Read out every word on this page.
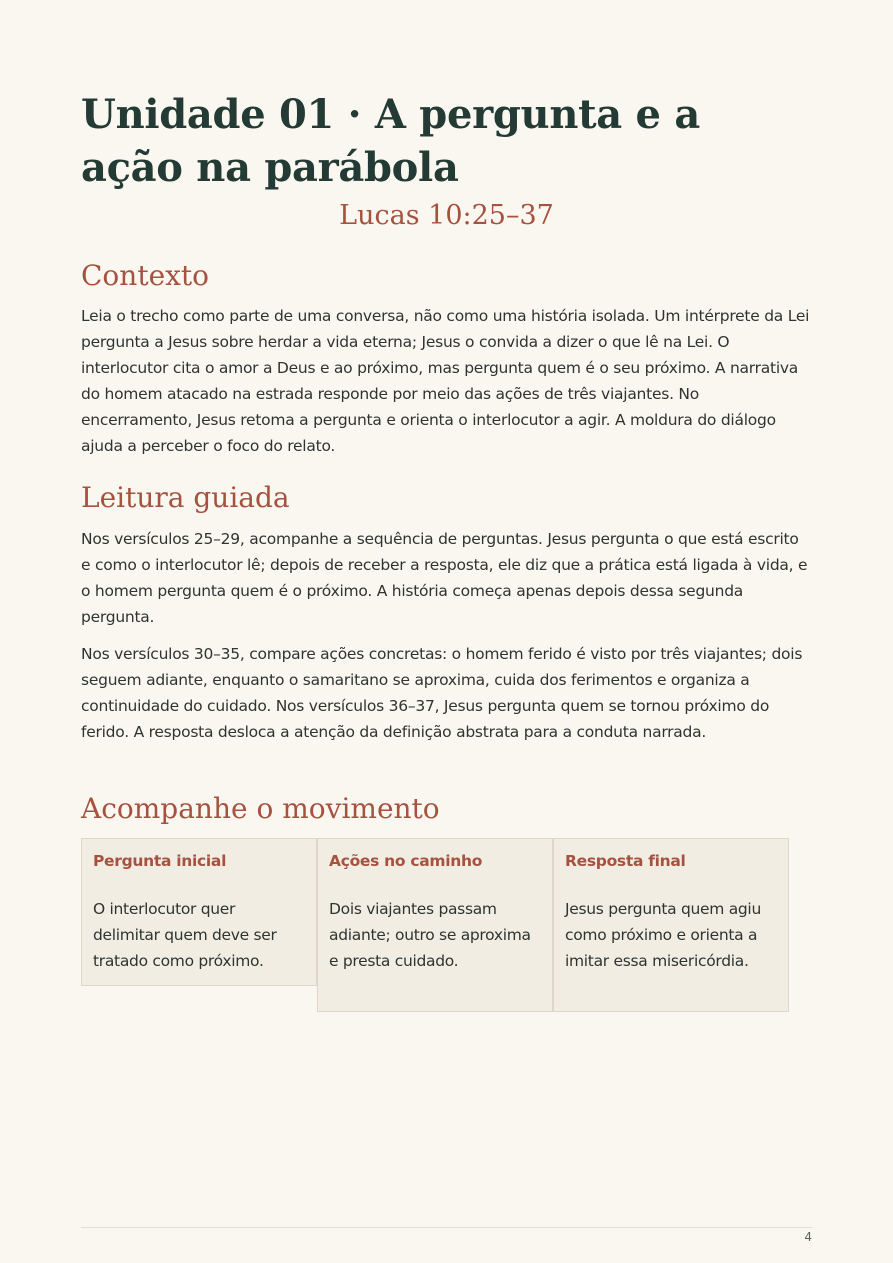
Unidade 01 · A pergunta e a ação na parábola
Lucas 10:25–37
Contexto

Leia o trecho como parte de uma conversa, não como uma história isolada. Um intérprete da Lei pergunta a Jesus sobre herdar a vida eterna; Jesus o convida a dizer o que lê na Lei. O interlocutor cita o amor a Deus e ao próximo, mas pergunta quem é o seu próximo. A narrativa do homem atacado na estrada responde por meio das ações de três viajantes. No encerramento, Jesus retoma a pergunta e orienta o interlocutor a agir. A moldura do diálogo ajuda a perceber o foco do relato.

Leitura guiada

Nos versículos 25–29, acompanhe a sequência de perguntas. Jesus pergunta o que está escrito e como o interlocutor lê; depois de receber a resposta, ele diz que a prática está ligada à vida, e o homem pergunta quem é o próximo. A história começa apenas depois dessa segunda pergunta.

Nos versículos 30–35, compare ações concretas: o homem ferido é visto por três viajantes; dois seguem adiante, enquanto o samaritano se aproxima, cuida dos ferimentos e organiza a continuidade do cuidado. Nos versículos 36–37, Jesus pergunta quem se tornou próximo do ferido. A resposta desloca a atenção da definição abstrata para a conduta narrada.

Acompanhe o movimento
Pergunta inicial
O interlocutor quer delimitar quem deve ser tratado como próximo.
Ações no caminho
Dois viajantes passam adiante; outro se aproxima e presta cuidado.
Resposta final
Jesus pergunta quem agiu como próximo e orienta a imitar essa misericórdia.
4
